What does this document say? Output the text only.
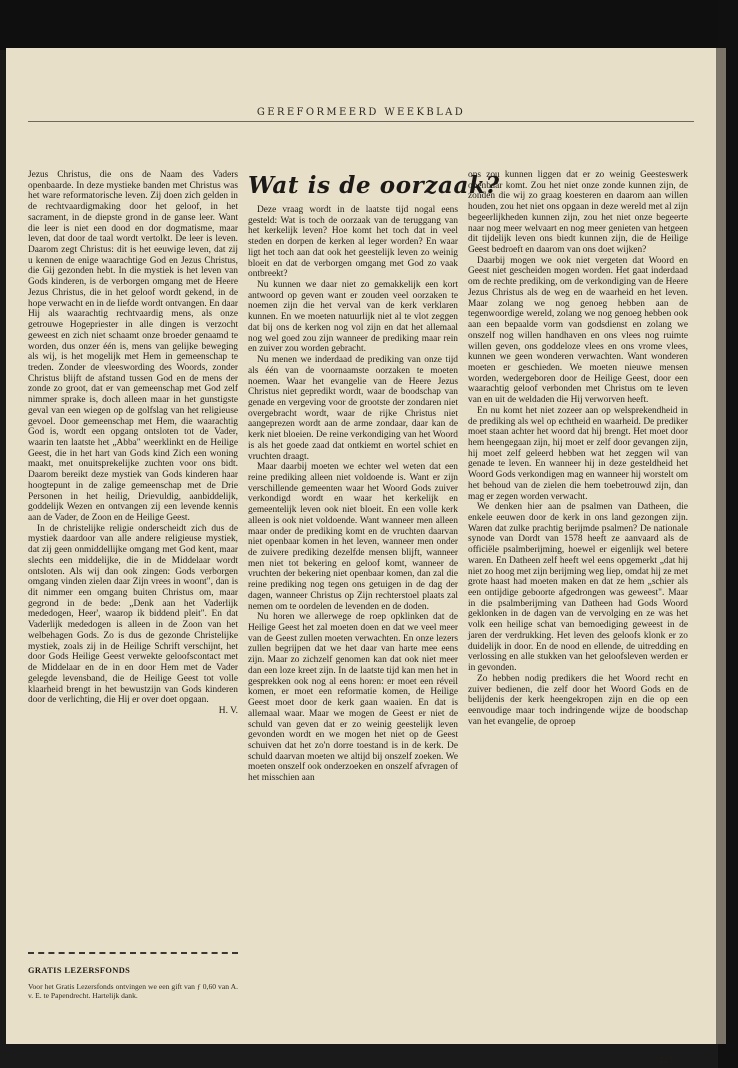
GEREFORMEERD WEEKBLAD

Jezus Christus, die ons de Naam des Vaders openbaarde. In deze mystieke banden met Christus was het ware reformatorische leven. Zij doen zich gelden in de rechtvaardigmaking door het geloof, in het sacrament, in de diepste grond in de ganse leer. Want die leer is niet een dood en dor dogmatisme, maar leven, dat door de taal wordt vertolkt. De leer is leven. Daarom zegt Christus: dit is het eeuwige leven, dat zij u kennen de enige waarachtige God en Jezus Christus, die Gij gezonden hebt. In die mystiek is het leven van Gods kinderen, is de verborgen omgang met de Heere Jezus Christus, die in het geloof wordt gekend, in de hope verwacht en in de liefde wordt ontvangen. En daar Hij als waarachtig rechtvaardig mens, als onze getrouwe Hogepriester in alle dingen is verzocht geweest en zich niet schaamt onze broeder genaamd te worden, dus onzer één is, mens van gelijke beweging als wij, is het mogelijk met Hem in gemeenschap te treden. Zonder de vleeswording des Woords, zonder Christus blijft de afstand tussen God en de mens der zonde zo groot, dat er van gemeenschap met God zelf nimmer sprake is, doch alleen maar in het gunstigste geval van een wiegen op de golfslag van het religieuse gevoel. Door gemeenschap met Hem, die waarachtig God is, wordt een opgang ontsloten tot de Vader, waarin ten laatste het „Abba" weerklinkt en de Heilige Geest, die in het hart van Gods kind Zich een woning maakt, met onuitsprekelijke zuchten voor ons bidt. Daarom bereikt deze mystiek van Gods kinderen haar hoogtepunt in de zalige gemeenschap met de Drie Personen in het heilig, Drievuldig, aanbiddelijk, goddelijk Wezen en ontvangen zij een levende kennis aan de Vader, de Zoon en de Heilige Geest.

In de christelijke religie onderscheidt zich dus de mystiek daardoor van alle andere religieuse mystiek, dat zij geen onmiddellijke omgang met God kent, maar slechts een middelijke, die in de Middelaar wordt ontsloten. Als wij dan ook zingen: Gods verborgen omgang vinden zielen daar Zijn vrees in woont", dan is dit nimmer een omgang buiten Christus om, maar gegrond in de bede: „Denk aan het Vaderlijk mededogen, Heer', waarop ik biddend pleit". En dat Vaderlijk mededogen is alleen in de Zoon van het welbehagen Gods. Zo is dus de gezonde Christelijke mystiek, zoals zij in de Heilige Schrift verschijnt, het door Gods Heilige Geest verwekte geloofscontact met de Middelaar en de in en door Hem met de Vader gelegde levensband, die de Heilige Geest tot volle klaarheid brengt in het bewustzijn van Gods kinderen door de verlichting, die Hij er over doet opgaan.

H. V.

Wat is de oorzaak?

Deze vraag wordt in de laatste tijd nogal eens gesteld: Wat is toch de oorzaak van de teruggang van het kerkelijk leven? Hoe komt het toch dat in veel steden en dorpen de kerken al leger worden? En waar ligt het toch aan dat ook het geestelijk leven zo weinig bloeit en dat de verborgen omgang met God zo vaak ontbreekt?

Nu kunnen we daar niet zo gemakkelijk een kort antwoord op geven want er zouden veel oorzaken te noemen zijn die het verval van de kerk verklaren kunnen. En we moeten natuurlijk niet al te vlot zeggen dat bij ons de kerken nog vol zijn en dat het allemaal nog wel goed zou zijn wanneer de prediking maar rein en zuiver zou worden gebracht.

Nu menen we inderdaad de prediking van onze tijd als één van de voornaamste oorzaken te moeten noemen. Waar het evangelie van de Heere Jezus Christus niet gepredikt wordt, waar de boodschap van genade en vergeving voor de grootste der zondaren niet overgebracht wordt, waar de rijke Christus niet aangeprezen wordt aan de arme zondaar, daar kan de kerk niet bloeien. De reine verkondiging van het Woord is als het goede zaad dat ontkiemt en wortel schiet en vruchten draagt.

Maar daarbij moeten we echter wel weten dat een reine prediking alleen niet voldoende is. Want er zijn verschillende gemeenten waar het Woord Gods zuiver verkondigd wordt en waar het kerkelijk en gemeentelijk leven ook niet bloeit. En een volle kerk alleen is ook niet voldoende. Want wanneer men alleen maar onder de prediking komt en de vruchten daarvan niet openbaar komen in het leven, wanneer men onder de zuivere prediking dezelfde mensen blijft, wanneer men niet tot bekering en geloof komt, wanneer de vruchten der bekering niet openbaar komen, dan zal die reine prediking nog tegen ons getuigen in de dag der dagen, wanneer Christus op Zijn rechterstoel plaats zal nemen om te oordelen de levenden en de doden.

Nu horen we allerwege de roep opklinken dat de Heilige Geest het zal moeten doen en dat we veel meer van de Geest zullen moeten verwachten. En onze lezers zullen begrijpen dat we het daar van harte mee eens zijn. Maar zo zichzelf genomen kan dat ook niet meer dan een loze kreet zijn. In de laatste tijd kan men het in gesprekken ook nog al eens horen: er moet een réveil komen, er moet een reformatie komen, de Heilige Geest moet door de kerk gaan waaien. En dat is allemaal waar. Maar we mogen de Geest er niet de schuld van geven dat er zo weinig geestelijk leven gevonden wordt en we mogen het niet op de Geest schuiven dat het zo'n dorre toestand is in de kerk. De schuld daarvan moeten we altijd bij onszelf zoeken. We moeten onszelf ook onderzoeken en onszelf afvragen of het misschien aan

ons zou kunnen liggen dat er zo weinig Geesteswerk openbaar komt. Zou het niet onze zonde kunnen zijn, de zonden die wij zo graag koesteren en daarom aan willen houden, zou het niet ons opgaan in deze wereld met al zijn begeerlijkheden kunnen zijn, zou het niet onze begeerte naar nog meer welvaart en nog meer genieten van hetgeen dit tijdelijk leven ons biedt kunnen zijn, die de Heilige Geest bedroeft en daarom van ons doet wijken?

Daarbij mogen we ook niet vergeten dat Woord en Geest niet gescheiden mogen worden. Het gaat inderdaad om de rechte prediking, om de verkondiging van de Heere Jezus Christus als de weg en de waarheid en het leven. Maar zolang we nog genoeg hebben aan de tegenwoordige wereld, zolang we nog genoeg hebben ook aan een bepaalde vorm van godsdienst en zolang we onszelf nog willen handhaven en ons vlees nog ruimte willen geven, ons goddeloze vlees en ons vrome vlees, kunnen we geen wonderen verwachten. Want wonderen moeten er geschieden. We moeten nieuwe mensen worden, wedergeboren door de Heilige Geest, door een waarachtig geloof verbonden met Christus om te leven van en uit de weldaden die Hij verworven heeft.

En nu komt het niet zozeer aan op welsprekendheid in de prediking als wel op echtheid en waarheid. De prediker moet staan achter het woord dat hij brengt. Het moet door hem heengegaan zijn, hij moet er zelf door gevangen zijn, hij moet zelf geleerd hebben wat het zeggen wil van genade te leven. En wanneer hij in deze gesteldheid het Woord Gods verkondigen mag en wanneer hij worstelt om het behoud van de zielen die hem toebetrouwd zijn, dan mag er zegen worden verwacht.

We denken hier aan de psalmen van Datheen, die enkele eeuwen door de kerk in ons land gezongen zijn. Waren dat zulke prachtig berijmde psalmen? De nationale synode van Dordt van 1578 heeft ze aanvaard als de officiële psalmberijming, hoewel er eigenlijk wel betere waren. En Datheen zelf heeft wel eens opgemerkt „dat hij niet zo hoog met zijn berijming weg liep, omdat hij ze met grote haast had moeten maken en dat ze hem „schier als een ontijdige geboorte afgedrongen was geweest". Maar in die psalmberijming van Datheen had Gods Woord geklonken in de dagen van de vervolging en ze was het volk een heilige schat van bemoediging geweest in de jaren der verdrukking. Het leven des geloofs klonk er zo duidelijk in door. En de nood en ellende, de uitredding en verlossing en alle stukken van het geloofsleven werden er in gevonden.

Zo hebben nodig predikers die het Woord recht en zuiver bedienen, die zelf door het Woord Gods en de belijdenis der kerk heengekropen zijn en die op een eenvoudige maar toch indringende wijze de boodschap van het evangelie, de oproep

GRATIS LEZERSFONDS
Voor het Gratis Lezersfonds ontvingen we een gift van ƒ 0,60 van A. v. E. te Papendrecht. Hartelijk dank.
223
